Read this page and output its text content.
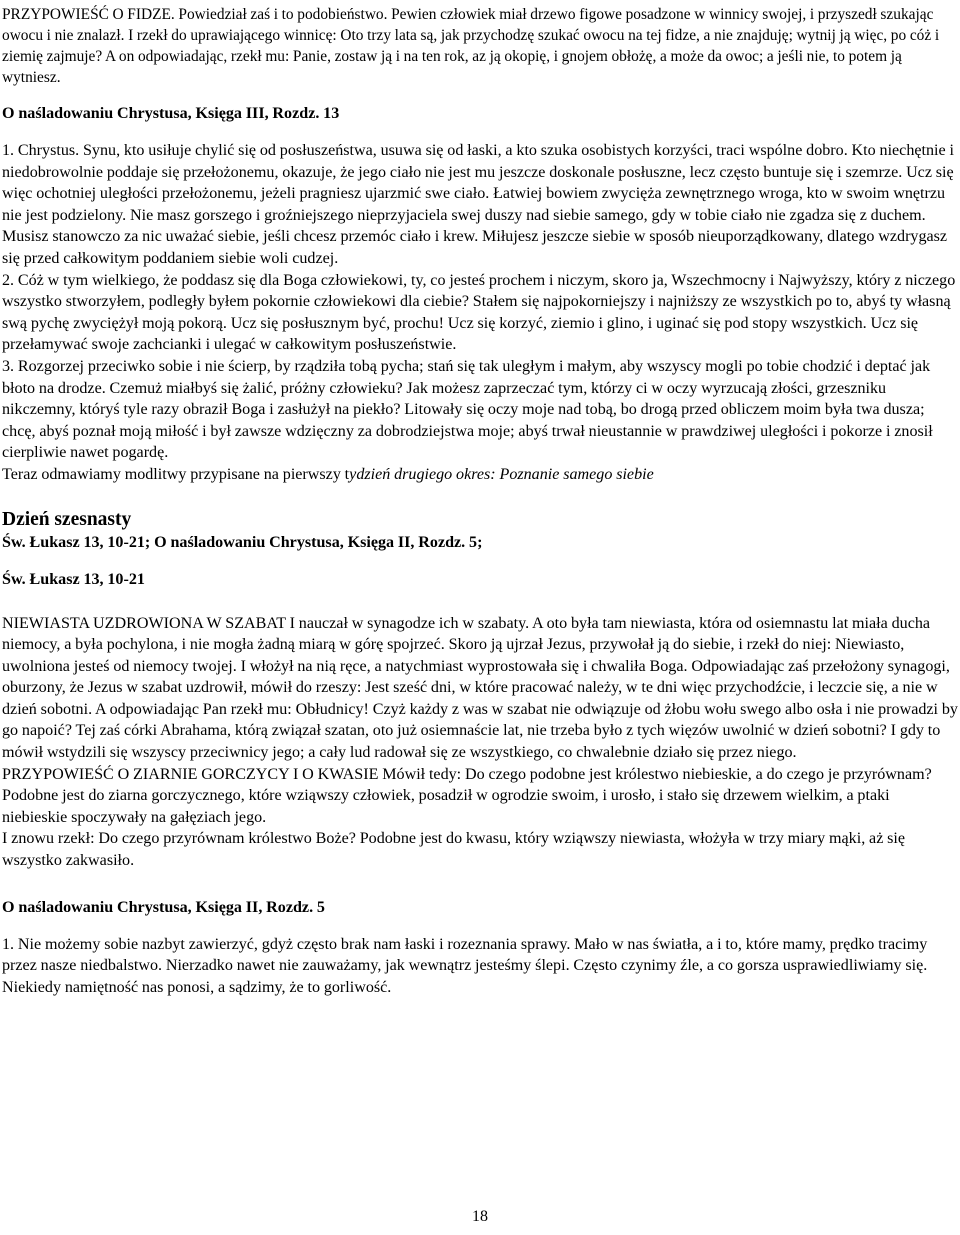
PRZYPOWIEŚĆ O FIDZE. Powiedział zaś i to podobieństwo. Pewien człowiek miał drzewo figowe posadzone w winnicy swojej, i przyszedł szukając owocu i nie znalazł. I rzekł do uprawiającego winnicę: Oto trzy lata są, jak przychodzę szukać owocu na tej fidze, a nie znajduję; wytnij ją więc, po cóż i ziemię zajmuje? A on odpowiadając, rzekł mu: Panie, zostaw ją i na ten rok, az ją okopię, i gnojem obłożę, a może da owoc; a jeśli nie, to potem ją wytniesz.

O naśladowaniu Chrystusa, Księga III, Rozdz. 13

1. Chrystus. Synu, kto usiłuje chylić się od posłuszeństwa, usuwa się od łaski, a kto szuka osobistych korzyści, traci wspólne dobro. Kto niechętnie i niedobrowolnie poddaje się przełożonemu, okazuje, że jego ciało nie jest mu jeszcze doskonale posłuszne, lecz często buntuje się i szemrze. Ucz się więc ochotniej uległości przełożonemu, jeżeli pragniesz ujarzmić swe ciało. Łatwiej bowiem zwycięża zewnętrznego wroga, kto w swoim wnętrzu nie jest podzielony. Nie masz gorszego i groźniejszego nieprzyjaciela swej duszy nad siebie samego, gdy w tobie ciało nie zgadza się z duchem. Musisz stanowczo za nic uważać siebie, jeśli chcesz przemóc ciało i krew. Miłujesz jeszcze siebie w sposób nieuporządkowany, dlatego wzdrygasz się przed całkowitym poddaniem siebie woli cudzej.

2. Cóż w tym wielkiego, że poddasz się dla Boga człowiekowi, ty, co jesteś prochem i niczym, skoro ja, Wszechmocny i Najwyższy, który z niczego wszystko stworzyłem, podległy byłem pokornie człowiekowi dla ciebie? Stałem się najpokorniejszy i najniższy ze wszystkich po to, abyś ty własną swą pychę zwyciężył moją pokorą. Ucz się posłusznym być, prochu! Ucz się korzyć, ziemio i glino, i uginać się pod stopy wszystkich. Ucz się przełamywać swoje zachcianki i ulegać w całkowitym posłuszeństwie.

3. Rozgorzej przeciwko sobie i nie ścierp, by rządziła tobą pycha; stań się tak uległym i małym, aby wszyscy mogli po tobie chodzić i deptać jak błoto na drodze. Czemuż miałbyś się żalić, próżny człowieku? Jak możesz zaprzeczać tym, którzy ci w oczy wyrzucają złości, grzeszniku nikczemny, któryś tyle razy obraził Boga i zasłużył na piekło? Litowały się oczy moje nad tobą, bo drogą przed obliczem moim była twa dusza; chcę, abyś poznał moją miłość i był zawsze wdzięczny za dobrodziejstwa moje; abyś trwał nieustannie w prawdziwej uległości i pokorze i znosił cierpliwie nawet pogardę.

Teraz odmawiamy modlitwy przypisane na pierwszy tydzień drugiego okres: Poznanie samego siebie

Dzień szesnasty

Św. Łukasz 13, 10-21; O naśladowaniu Chrystusa, Księga II, Rozdz. 5;

Św. Łukasz 13, 10-21

NIEWIASTA UZDROWIONA W SZABAT I nauczał w synagodze ich w szabaty. A oto była tam niewiasta, która od osiemnastu lat miała ducha niemocy, a była pochylona, i nie mogła żadną miarą w górę spojrzeć. Skoro ją ujrzał Jezus, przywołał ją do siebie, i rzekł do niej: Niewiasto, uwolniona jesteś od niemocy twojej. I włożył na nią ręce, a natychmiast wyprostowała się i chwaliła Boga. Odpowiadając zaś przełożony synagogi, oburzony, że Jezus w szabat uzdrowił, mówił do rzeszy: Jest sześć dni, w które pracować należy, w te dni więc przychodźcie, i leczcie się, a nie w dzień sobotni. A odpowiadając Pan rzekł mu: Obłudnicy! Czyż każdy z was w szabat nie odwiązuje od żłobu wołu swego albo osła i nie prowadzi by go napoić? Tej zaś córki Abrahama, którą związał szatan, oto już osiemnaście lat, nie trzeba było z tych więzów uwolnić w dzień sobotni? I gdy to mówił wstydzili się wszyscy przeciwnicy jego; a cały lud radował się ze wszystkiego, co chwalebnie działo się przez niego.

PRZYPOWIEŚĆ O ZIARNIE GORCZYCY I O KWASIE Mówił tedy: Do czego podobne jest królestwo niebieskie, a do czego je przyrównam? Podobne jest do ziarna gorczycznego, które wziąwszy człowiek, posadził w ogrodzie swoim, i urosło, i stało się drzewem wielkim, a ptaki niebieskie spoczywały na gałęziach jego.

I znowu rzekł: Do czego przyrównam królestwo Boże? Podobne jest do kwasu, który wziąwszy niewiasta, włożyła w trzy miary mąki, aż się wszystko zakwasiło.

O naśladowaniu Chrystusa, Księga II, Rozdz. 5

1. Nie możemy sobie nazbyt zawierzyć, gdyż często brak nam łaski i rozeznania sprawy. Mało w nas światła, a i to, które mamy, prędko tracimy przez nasze niedbalstwo. Nierzadko nawet nie zauważamy, jak wewnątrz jesteśmy ślepi. Często czynimy źle, a co gorsza usprawiedliwiamy się. Niekiedy namiętność nas ponosi, a sądzimy, że to gorliwość.

18
